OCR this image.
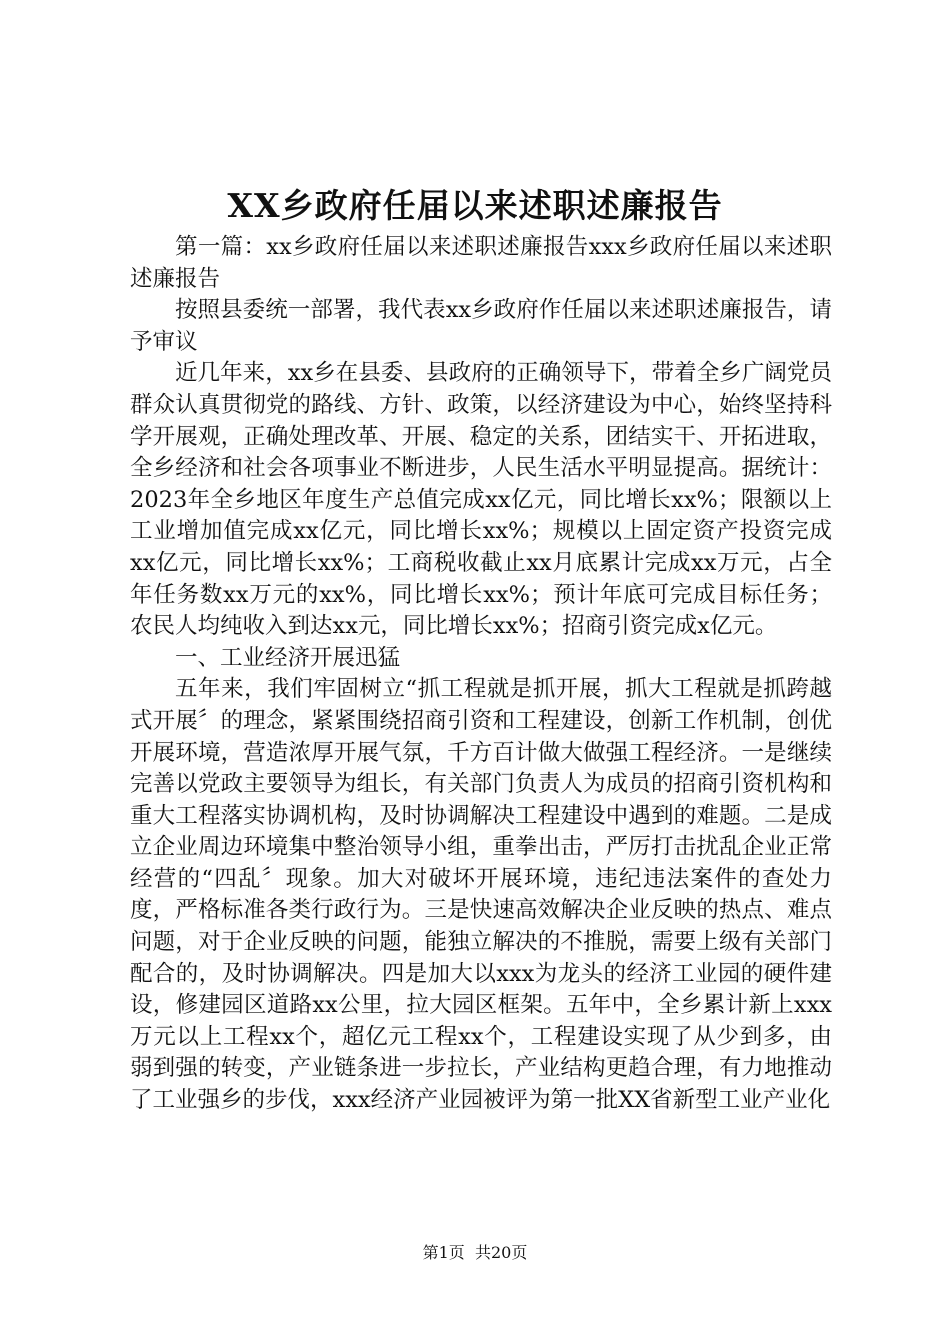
XX乡政府任届以来述职述廉报告

第一篇：xx乡政府任届以来述职述廉报告xxx乡政府任届以来述职述廉报告

按照县委统一部署，我代表xx乡政府作任届以来述职述廉报告，请予审议

近几年来，xx乡在县委、县政府的正确领导下，带着全乡广阔党员群众认真贯彻党的路线、方针、政策，以经济建设为中心，始终坚持科学开展观，正确处理改革、开展、稳定的关系，团结实干、开拓进取，全乡经济和社会各项事业不断进步，人民生活水平明显提高。据统计：2023年全乡地区年度生产总值完成xx亿元，同比增长xx%；限额以上工业增加值完成xx亿元，同比增长xx%；规模以上固定资产投资完成xx亿元，同比增长xx%；工商税收截止xx月底累计完成xx万元，占全年任务数xx万元的xx%，同比增长xx%；预计年底可完成目标任务；农民人均纯收入到达xx元，同比增长xx%；招商引资完成x亿元。

一、工业经济开展迅猛

五年来，我们牢固树立“抓工程就是抓开展，抓大工程就是抓跨越式开展〞的理念，紧紧围绕招商引资和工程建设，创新工作机制，创优开展环境，营造浓厚开展气氛，千方百计做大做强工程经济。一是继续完善以党政主要领导为组长，有关部门负责人为成员的招商引资机构和重大工程落实协调机构，及时协调解决工程建设中遇到的难题。二是成立企业周边环境集中整治领导小组，重拳出击，严厉打击扰乱企业正常经营的“四乱〞现象。加大对破坏开展环境，违纪违法案件的查处力度，严格标准各类行政行为。三是快速高效解决企业反映的热点、难点问题，对于企业反映的问题，能独立解决的不推脱，需要上级有关部门配合的，及时协调解决。四是加大以xxx为龙头的经济工业园的硬件建设，修建园区道路xx公里，拉大园区框架。五年中，全乡累计新上xxx万元以上工程xx个，超亿元工程xx个，工程建设实现了从少到多，由弱到强的转变，产业链条进一步拉长，产业结构更趋合理，有力地推动了工业强乡的步伐，xxx经济产业园被评为第一批XX省新型工业产业化

第1页 共20页
